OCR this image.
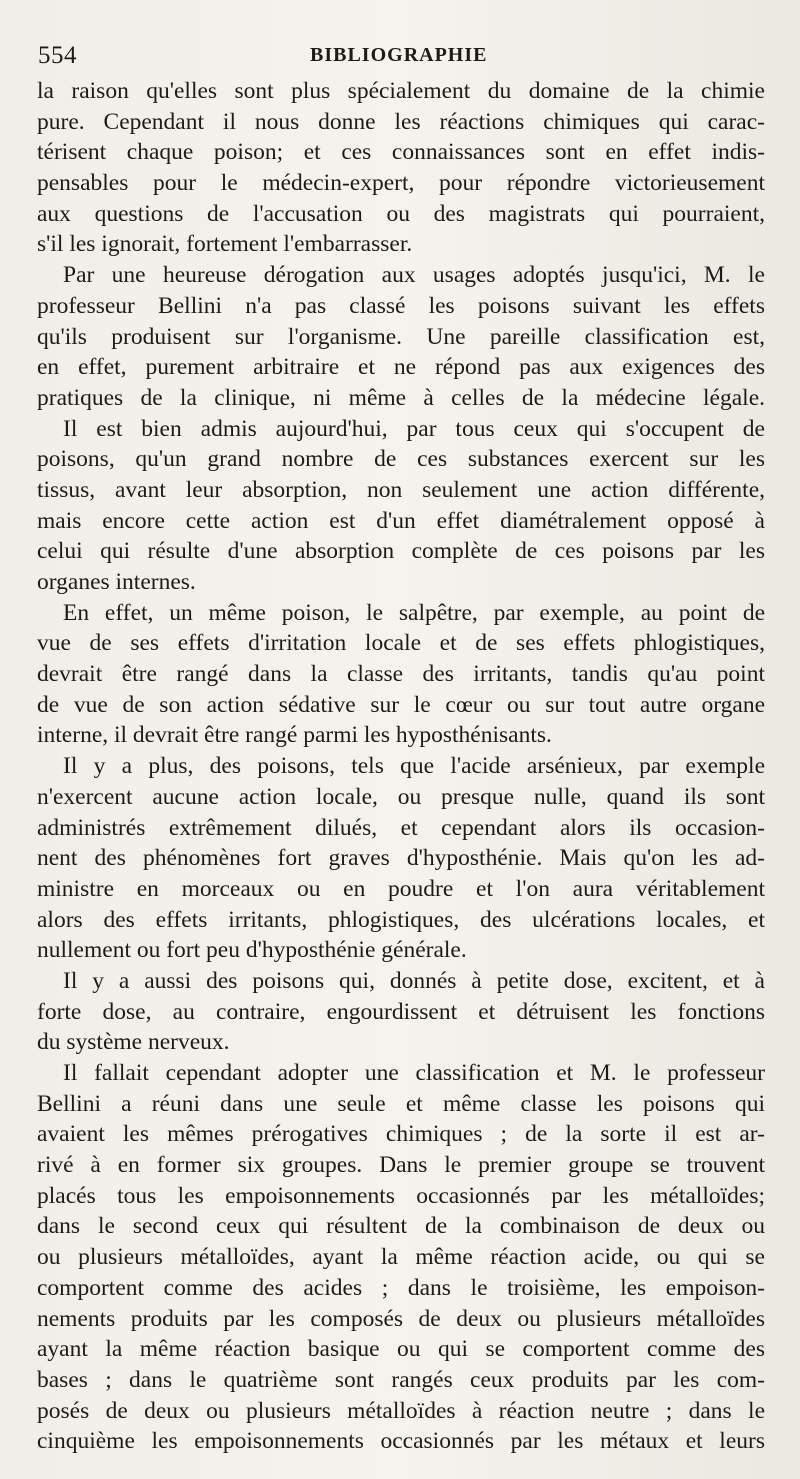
554	BIBLIOGRAPHIE
la raison qu'elles sont plus spécialement du domaine de la chimie
pure. Cependant il nous donne les réactions chimiques qui carac-
térisent chaque poison; et ces connaissances sont en effet indis-
pensables pour le médecin-expert, pour répondre victorieusement
aux questions de l'accusation ou des magistrats qui pourraient,
s'il les ignorait, fortement l'embarrasser.
Par une heureuse dérogation aux usages adoptés jusqu'ici, M. le
professeur Bellini n'a pas classé les poisons suivant les effets
qu'ils produisent sur l'organisme. Une pareille classification est,
en effet, purement arbitraire et ne répond pas aux exigences des
pratiques de la clinique, ni même à celles de la médecine légale.
Il est bien admis aujourd'hui, par tous ceux qui s'occupent de
poisons, qu'un grand nombre de ces substances exercent sur les
tissus, avant leur absorption, non seulement une action différente,
mais encore cette action est d'un effet diamétralement opposé à
celui qui résulte d'une absorption complète de ces poisons par les
organes internes.
En effet, un même poison, le salpêtre, par exemple, au point de
vue de ses effets d'irritation locale et de ses effets phlogistiques,
devrait être rangé dans la classe des irritants, tandis qu'au point
de vue de son action sédative sur le cœur ou sur tout autre organe
interne, il devrait être rangé parmi les hyposthénisants.
Il y a plus, des poisons, tels que l'acide arsénieux, par exemple
n'exercent aucune action locale, ou presque nulle, quand ils sont
administrés extrêmement dilués, et cependant alors ils occasion-
nent des phénomènes fort graves d'hyposthénie. Mais qu'on les ad-
ministre en morceaux ou en poudre et l'on aura véritablement
alors des effets irritants, phlogistiques, des ulcérations locales, et
nullement ou fort peu d'hyposthénie générale.
Il y a aussi des poisons qui, donnés à petite dose, excitent, et à
forte dose, au contraire, engourdissent et détruisent les fonctions
du système nerveux.
Il fallait cependant adopter une classification et M. le professeur
Bellini a réuni dans une seule et même classe les poisons qui
avaient les mêmes prérogatives chimiques ; de la sorte il est ar-
rivé à en former six groupes. Dans le premier groupe se trouvent
placés tous les empoisonnements occasionnés par les métalloïdes;
dans le second ceux qui résultent de la combinaison de deux ou
ou plusieurs métalloïdes, ayant la même réaction acide, ou qui se
comportent comme des acides ; dans le troisième, les empoison-
nements produits par les composés de deux ou plusieurs métalloïdes
ayant la même réaction basique ou qui se comportent comme des
bases ; dans le quatrième sont rangés ceux produits par les com-
posés de deux ou plusieurs métalloïdes à réaction neutre ; dans le
cinquième les empoisonnements occasionnés par les métaux et leurs
